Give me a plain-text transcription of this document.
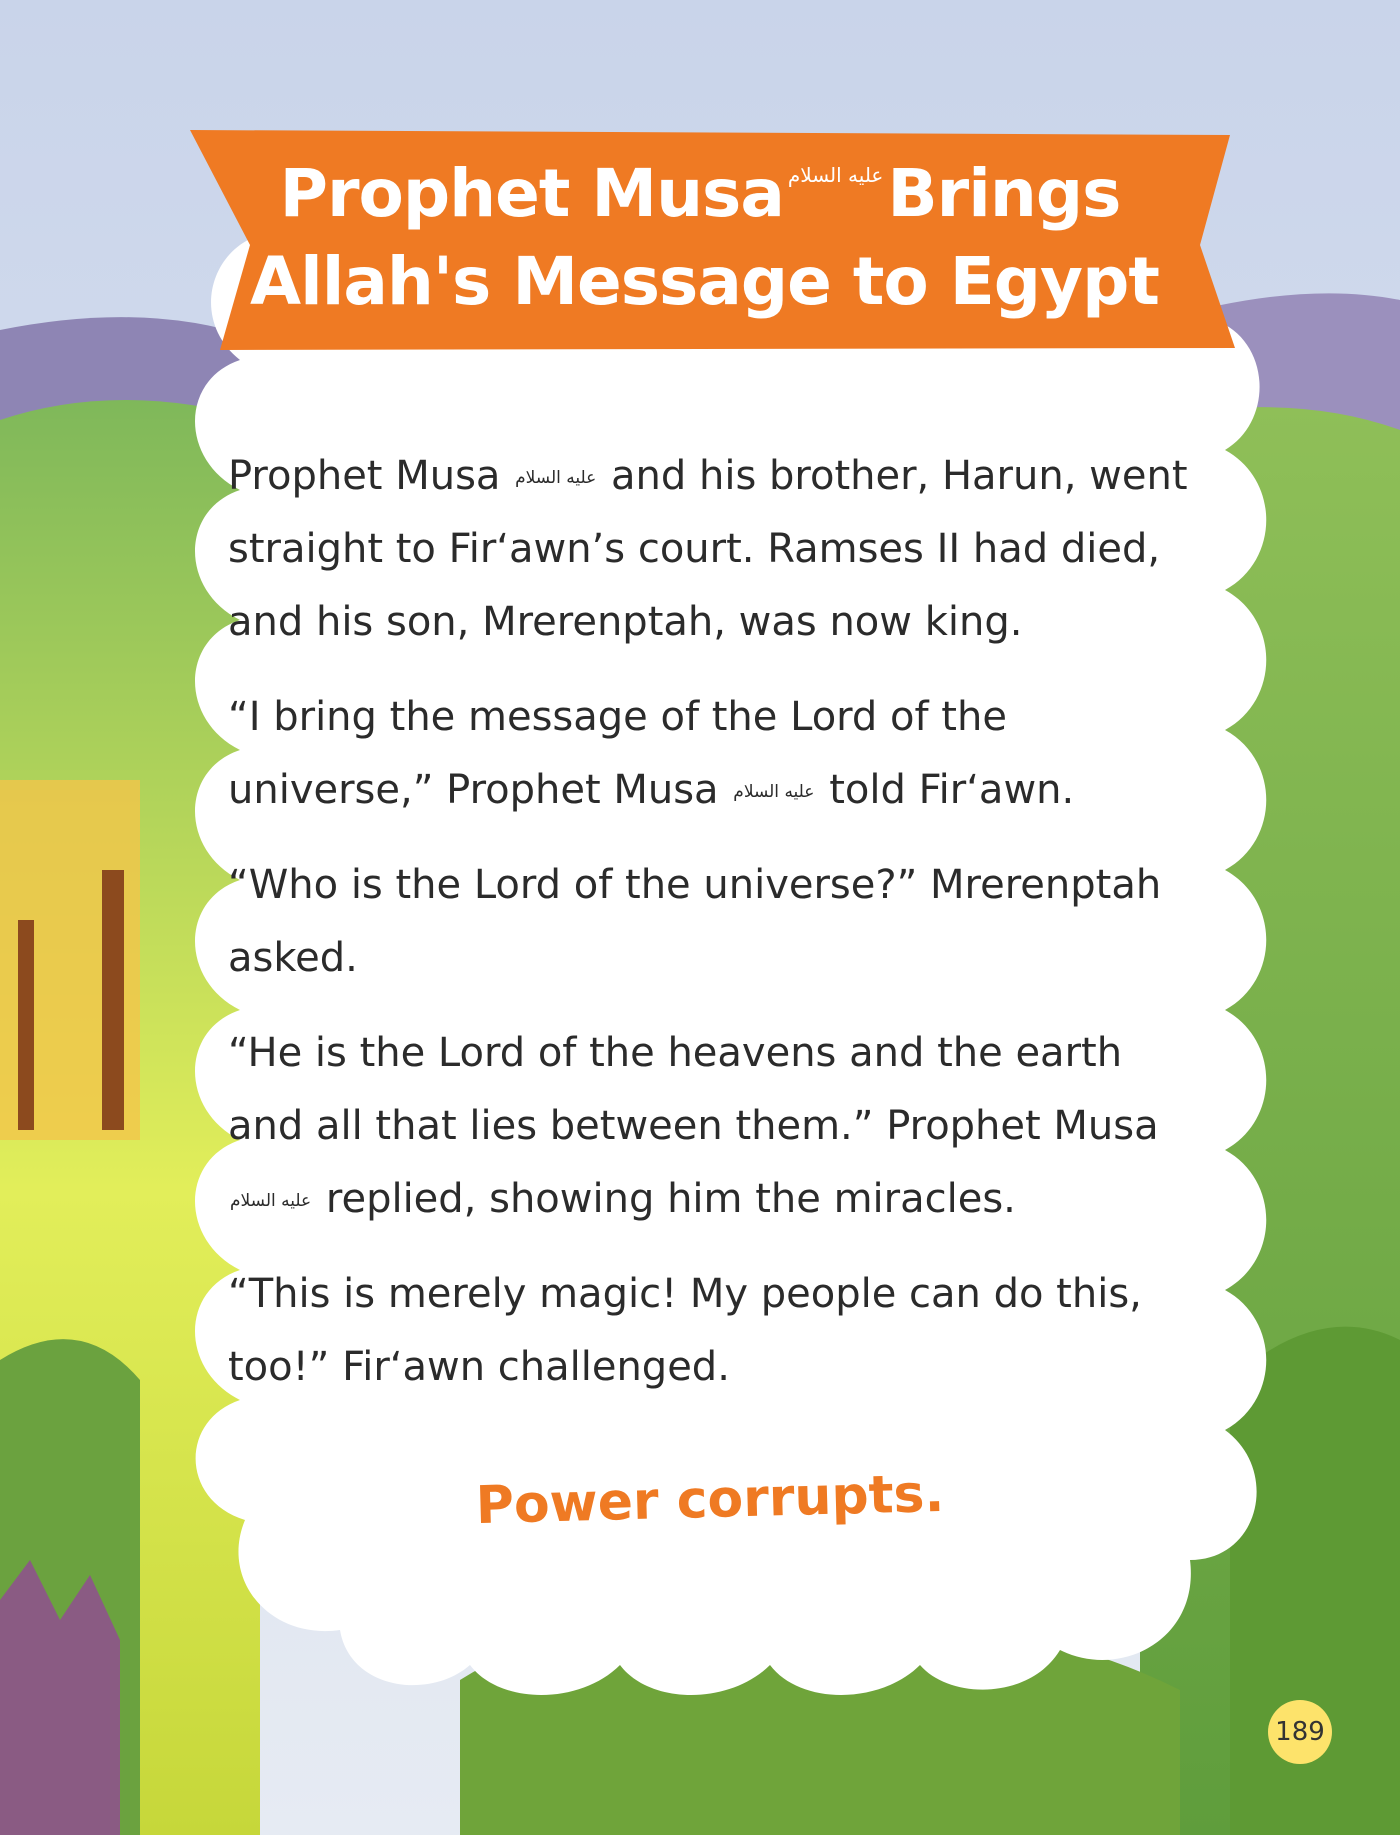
Prophet Musa عليه السلامBrings
Allah's Message to Egypt

Prophet Musa عليه السلام and his brother, Harun, went straight to Fir‘awn’s court. Ramses II had died, and his son, Mrerenptah, was now king.

“I bring the message of the Lord of the universe,” Prophet Musa عليه السلام told Fir‘awn.

“Who is the Lord of the universe?” Mrerenptah asked.

“He is the Lord of the heavens and the earth and all that lies between them.” Prophet Musa عليه السلام replied, showing him the miracles.

“This is merely magic! My people can do this, too!” Fir‘awn challenged.

Power corrupts.
189
